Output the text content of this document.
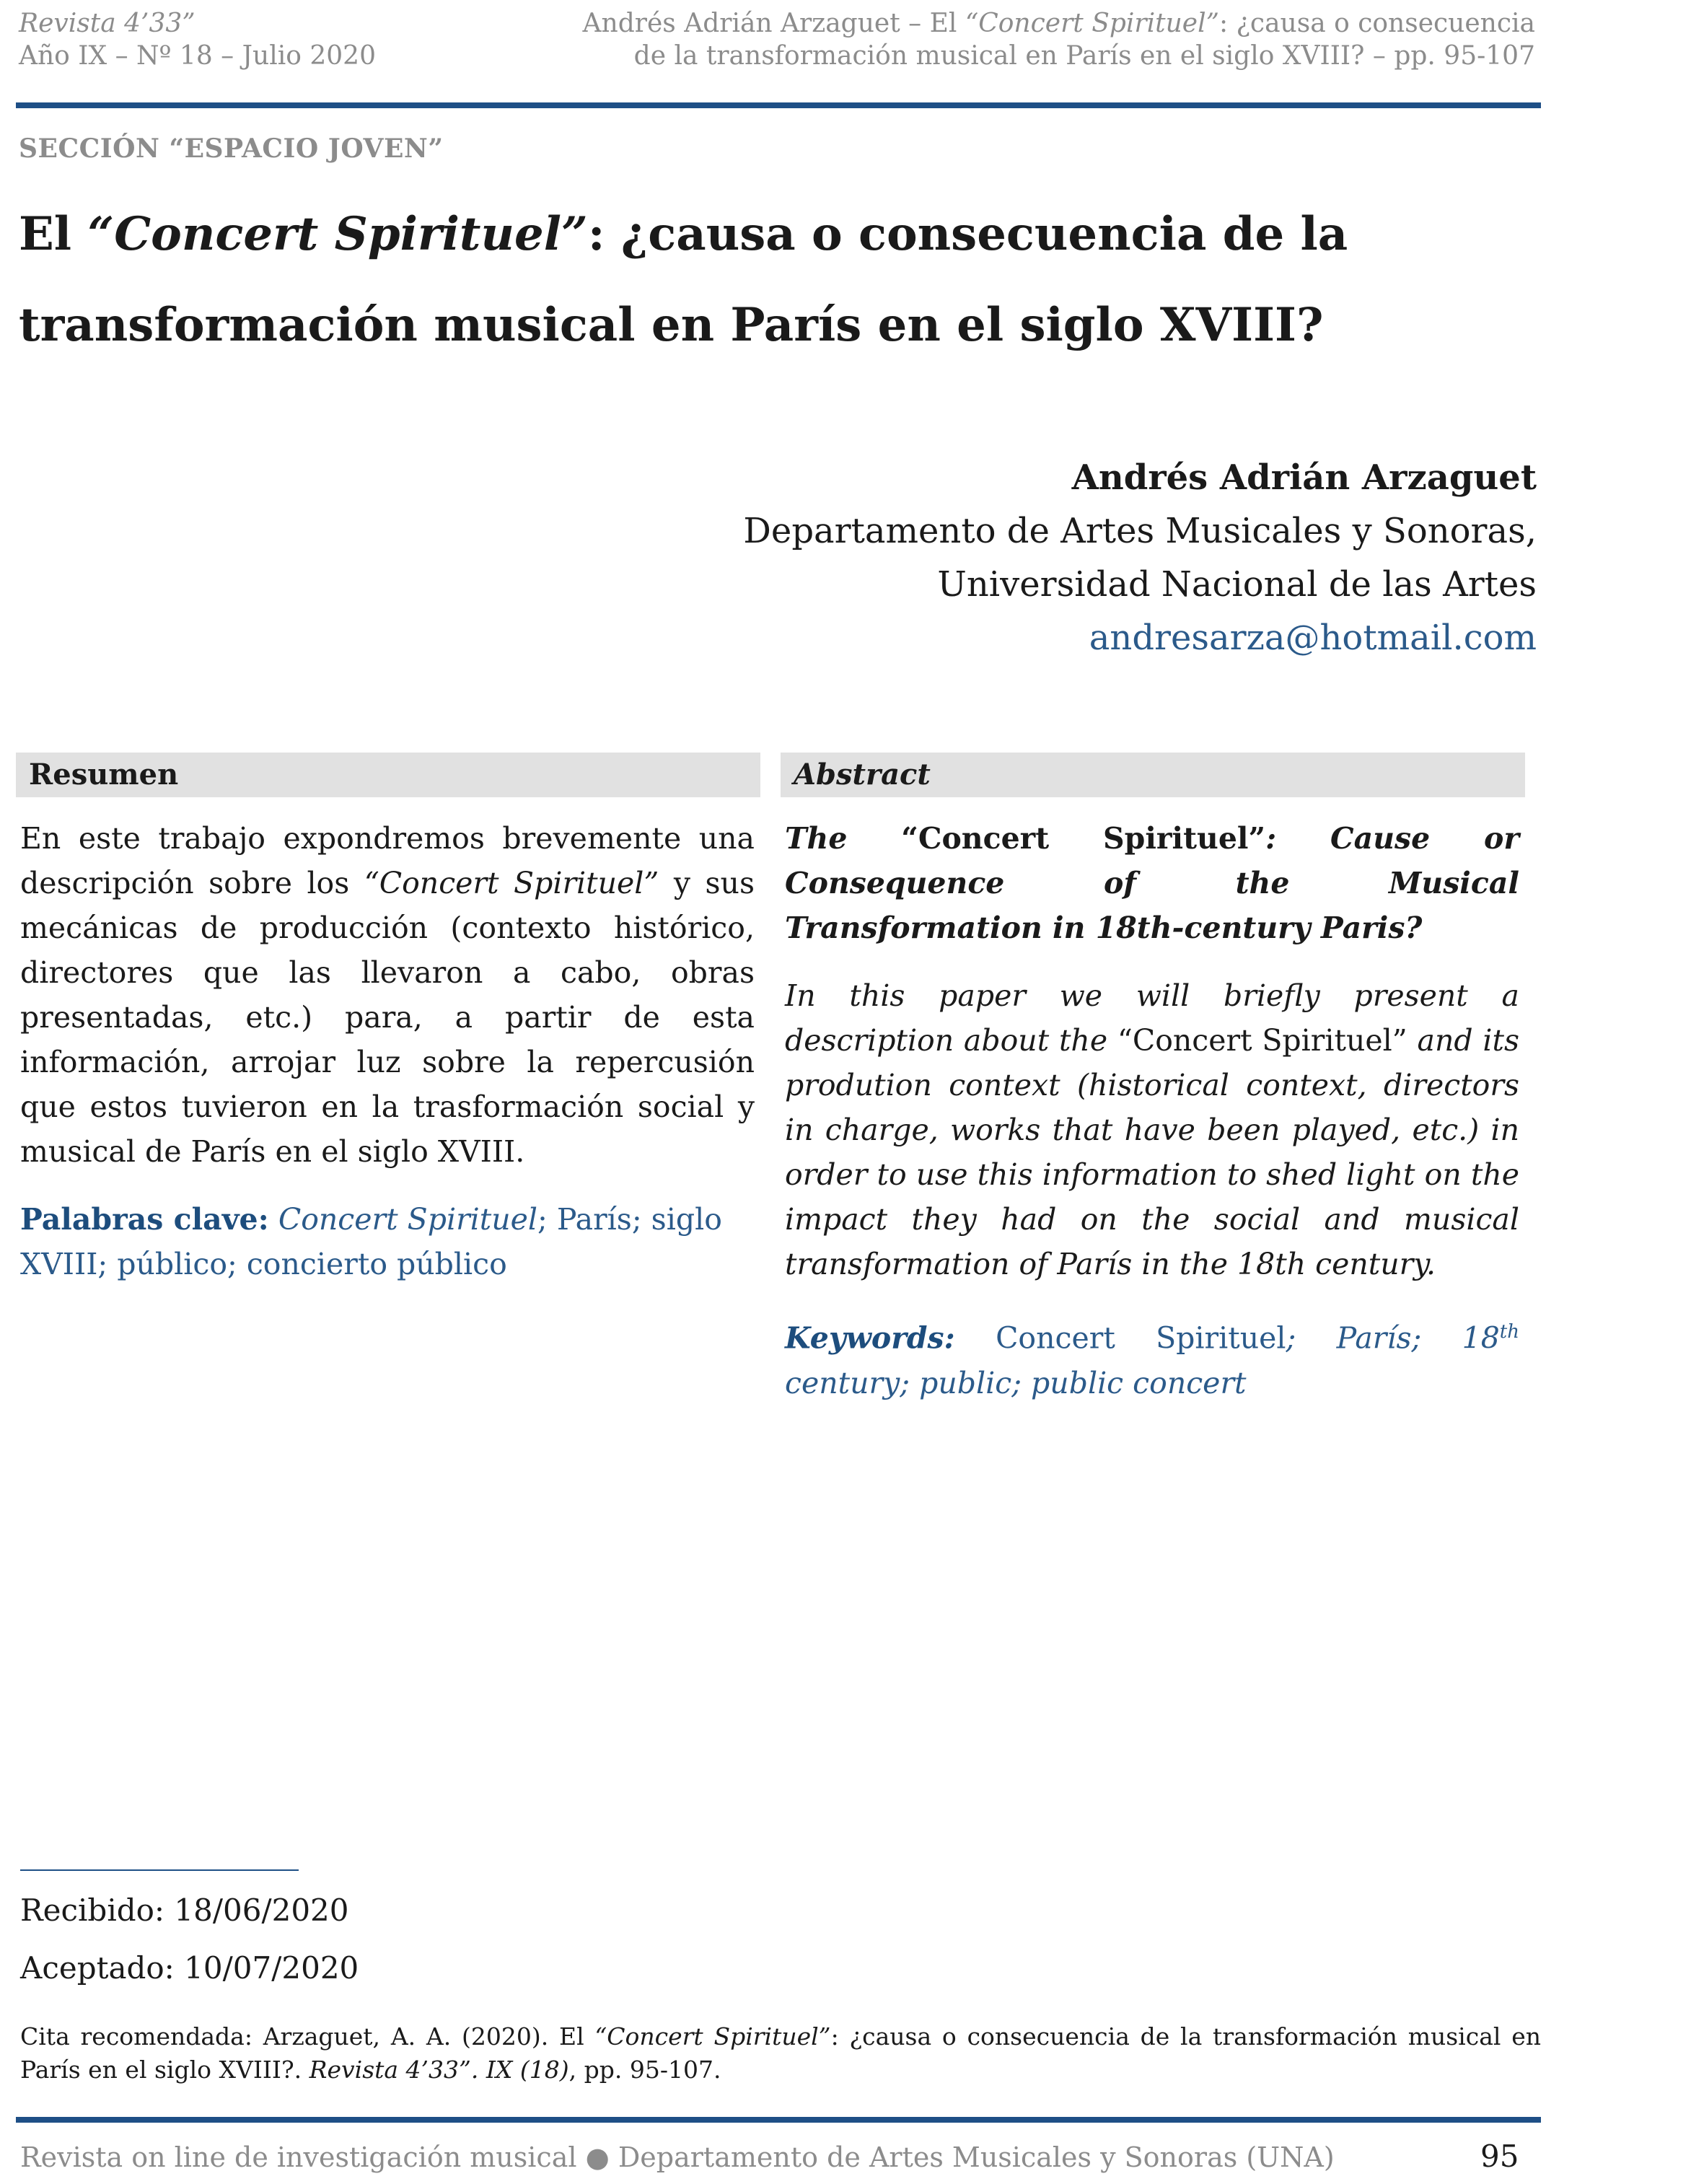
Revista 4’33”
Año IX – Nº 18 – Julio 2020
Andrés Adrián Arzaguet – El “Concert Spirituel”: ¿causa o consecuencia
de la transformación musical en París en el siglo XVIII? – pp. 95-107
SECCIÓN “ESPACIO JOVEN”
El “Concert Spirituel”: ¿causa o consecuencia de la
transformación musical en París en el siglo XVIII?
Andrés Adrián Arzaguet
Departamento de Artes Musicales y Sonoras,
Universidad Nacional de las Artes
andresarza@hotmail.com
Resumen

En este trabajo expondremos brevemente una descripción sobre los “Concert Spirituel” y sus mecánicas de producción (contexto histórico, directores que las llevaron a cabo, obras presentadas, etc.) para, a partir de esta información, arrojar luz sobre la repercusión que estos tuvieron en la trasformación social y musical de París en el siglo XVIII.

Palabras clave: Concert Spirituel; París; siglo XVIII; público; concierto público

Abstract

The “Concert Spirituel”: Cause or Consequence of the Musical Transformation in 18th-century Paris?

In this paper we will briefly present a description about the “Concert Spirituel” and its prodution context (historical context, directors in charge, works that have been played, etc.) in order to use this information to shed light on the impact they had on the social and musical transformation of París in the 18th century.

Keywords: Concert Spirituel; París; 18th century; public; public concert

Recibido: 18/06/2020
Aceptado: 10/07/2020
Cita recomendada: Arzaguet, A. A. (2020). El “Concert Spirituel”: ¿causa o consecuencia de la transformación musical en París en el siglo XVIII?. Revista 4’33”. IX (18), pp. 95-107.
Revista on line de investigación musical ● Departamento de Artes Musicales y Sonoras (UNA)	95
